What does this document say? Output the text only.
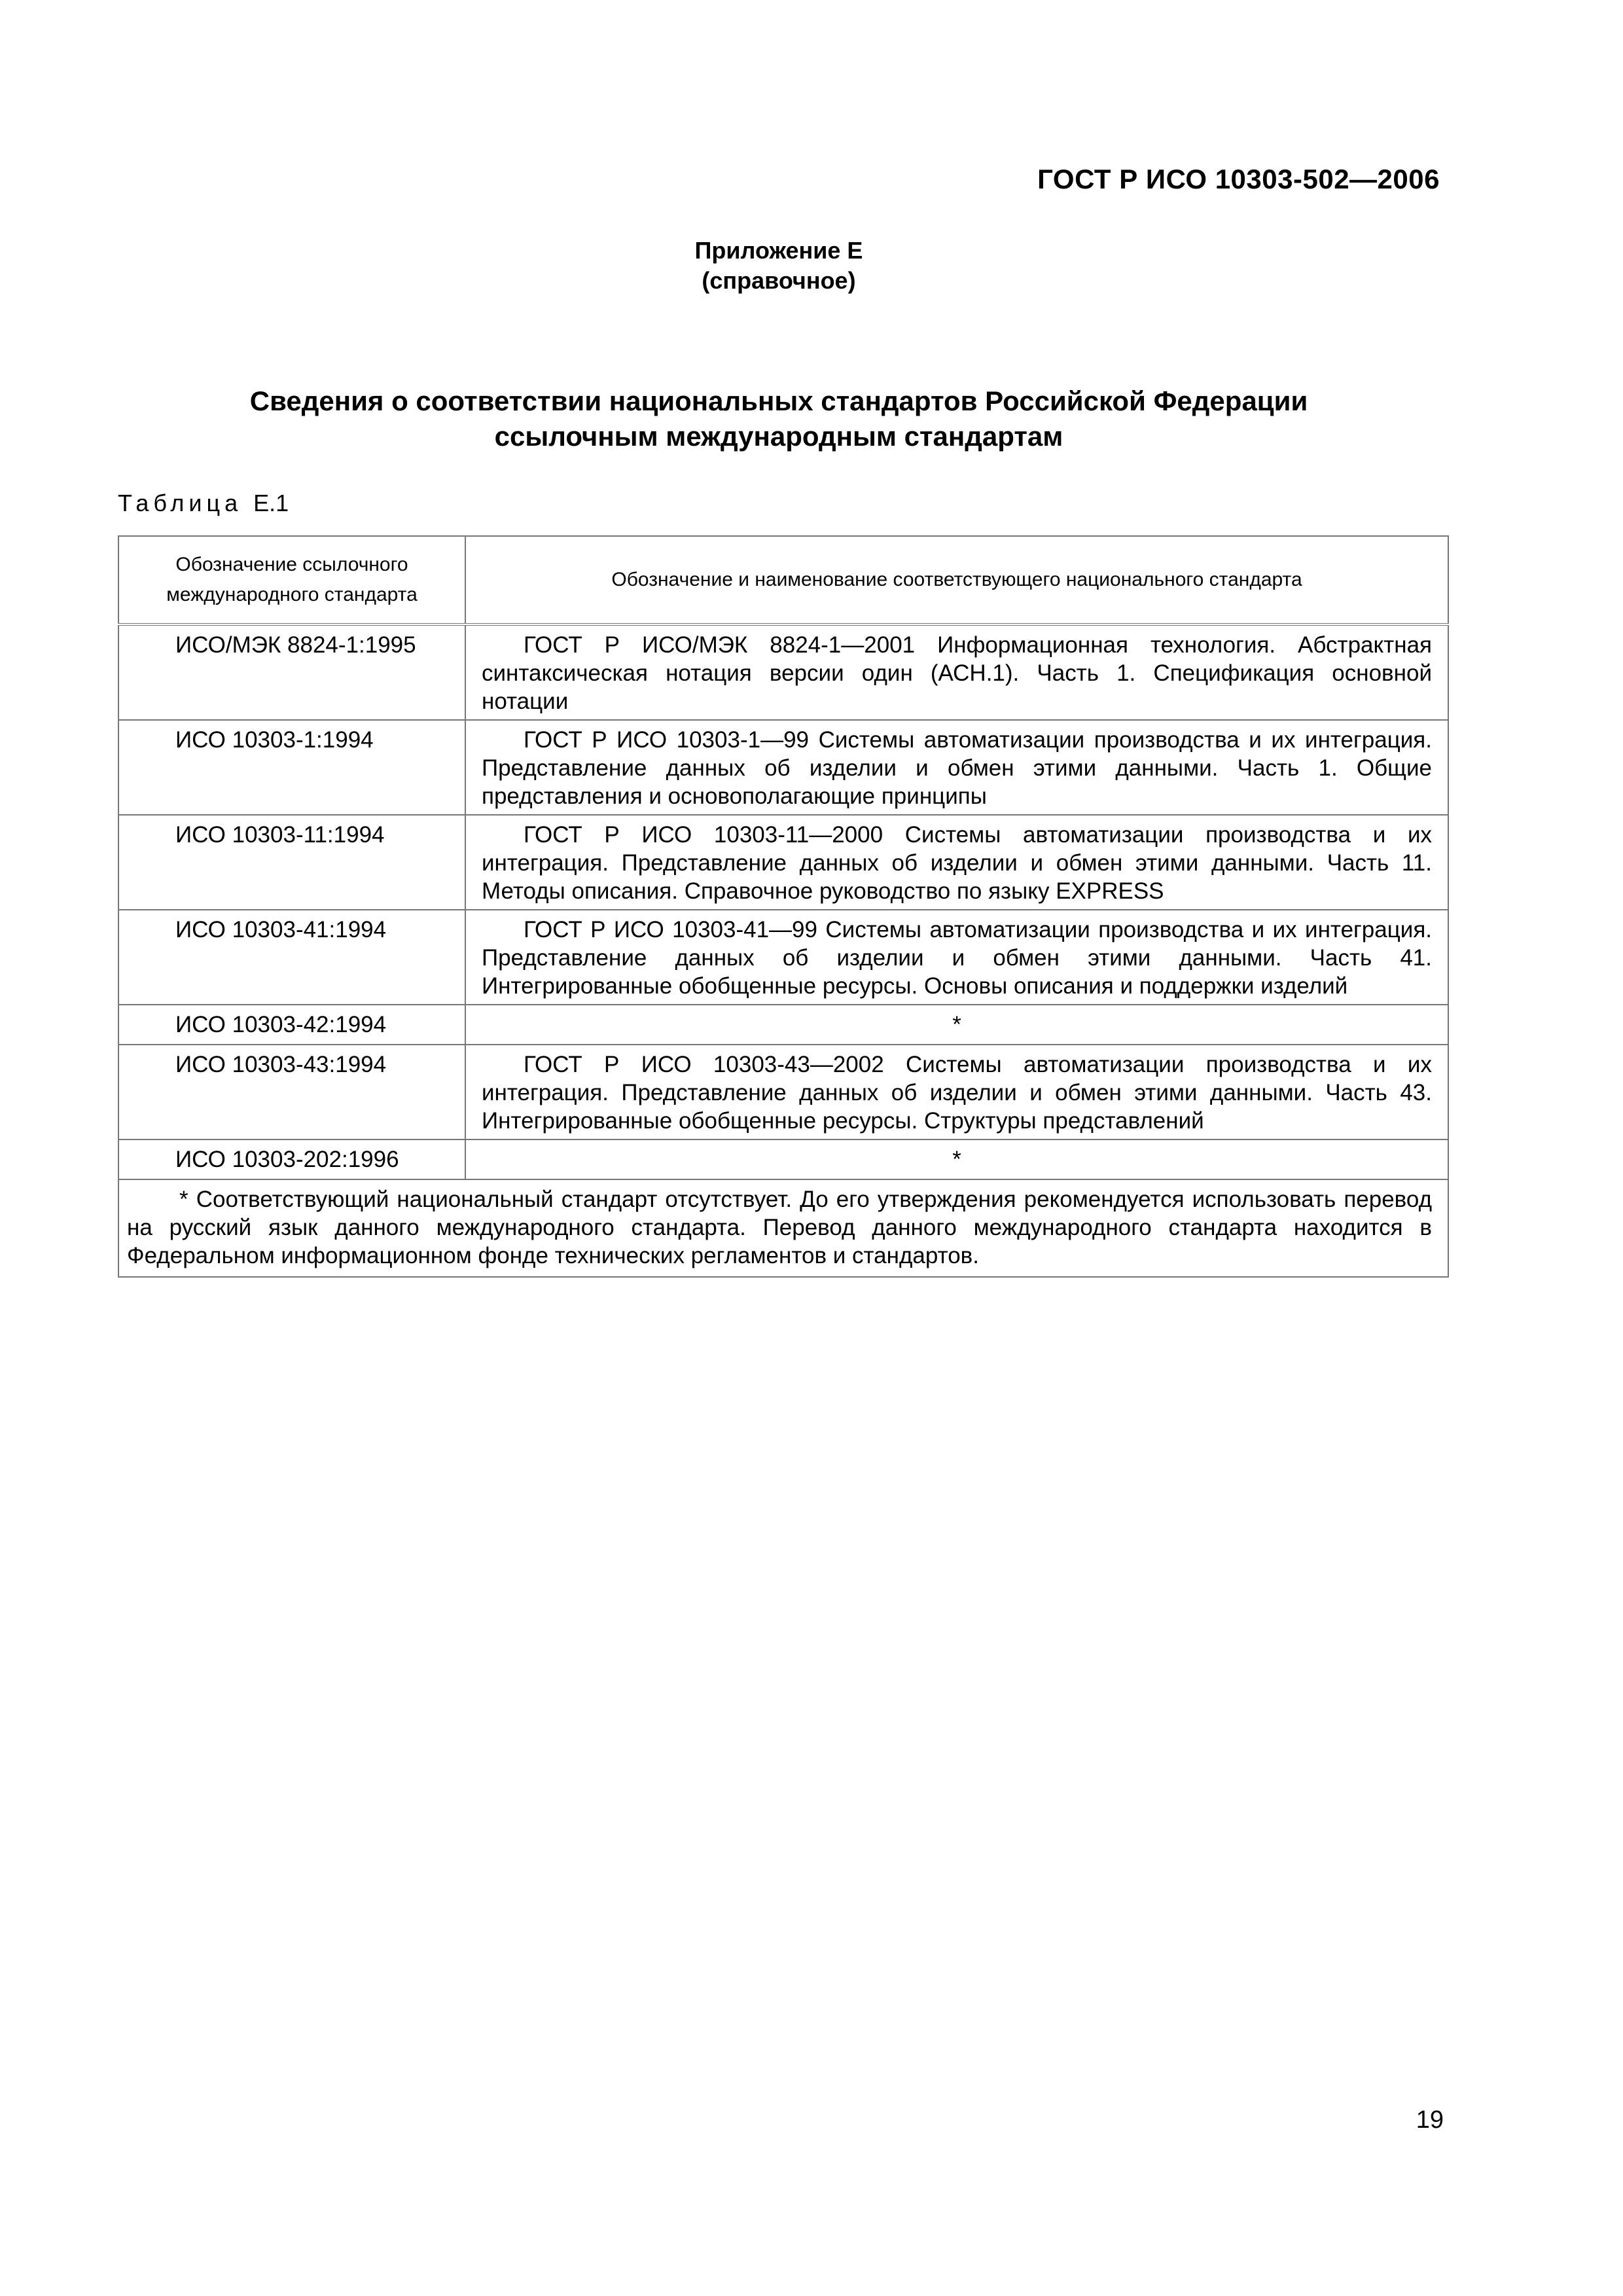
ГОСТ Р ИСО 10303-502—2006
Приложение Е
(справочное)
Сведения о соответствии национальных стандартов Российской Федерации
ссылочным международным стандартам
Таблица Е.1
Обозначение ссылочного международного стандарта	Обозначение и наименование соответствующего национального стандарта
ИСО/МЭК 8824-1:1995	ГОСТ Р ИСО/МЭК 8824-1—2001 Информационная технология. Абстрактная синтаксическая нотация версии один (АСН.1). Часть 1. Спецификация основной нотации

ИСО 10303-1:1994	ГОСТ Р ИСО 10303-1—99 Системы автоматизации производства и их интеграция. Представление данных об изделии и обмен этими данными. Часть 1. Общие представления и основополагающие принципы

ИСО 10303-11:1994	ГОСТ Р ИСО 10303-11—2000 Системы автоматизации производства и их интеграция. Представление данных об изделии и обмен этими данными. Часть 11. Методы описания. Справочное руководство по языку EXPRESS

ИСО 10303-41:1994	ГОСТ Р ИСО 10303-41—99 Системы автоматизации производства и их интеграция. Представление данных об изделии и обмен этими данными. Часть 41. Интегрированные обобщенные ресурсы. Основы описания и поддержки изделий

ИСО 10303-42:1994	*
ИСО 10303-43:1994	ГОСТ Р ИСО 10303-43—2002 Системы автоматизации производства и их интеграция. Представление данных об изделии и обмен этими данными. Часть 43. Интегрированные обобщенные ресурсы. Структуры представлений

ИСО 10303-202:1996	*

* Соответствующий национальный стандарт отсутствует. До его утверждения рекомендуется использовать перевод на русский язык данного международного стандарта. Перевод данного международного стандарта находится в Федеральном информационном фонде технических регламентов и стандартов.	
19
